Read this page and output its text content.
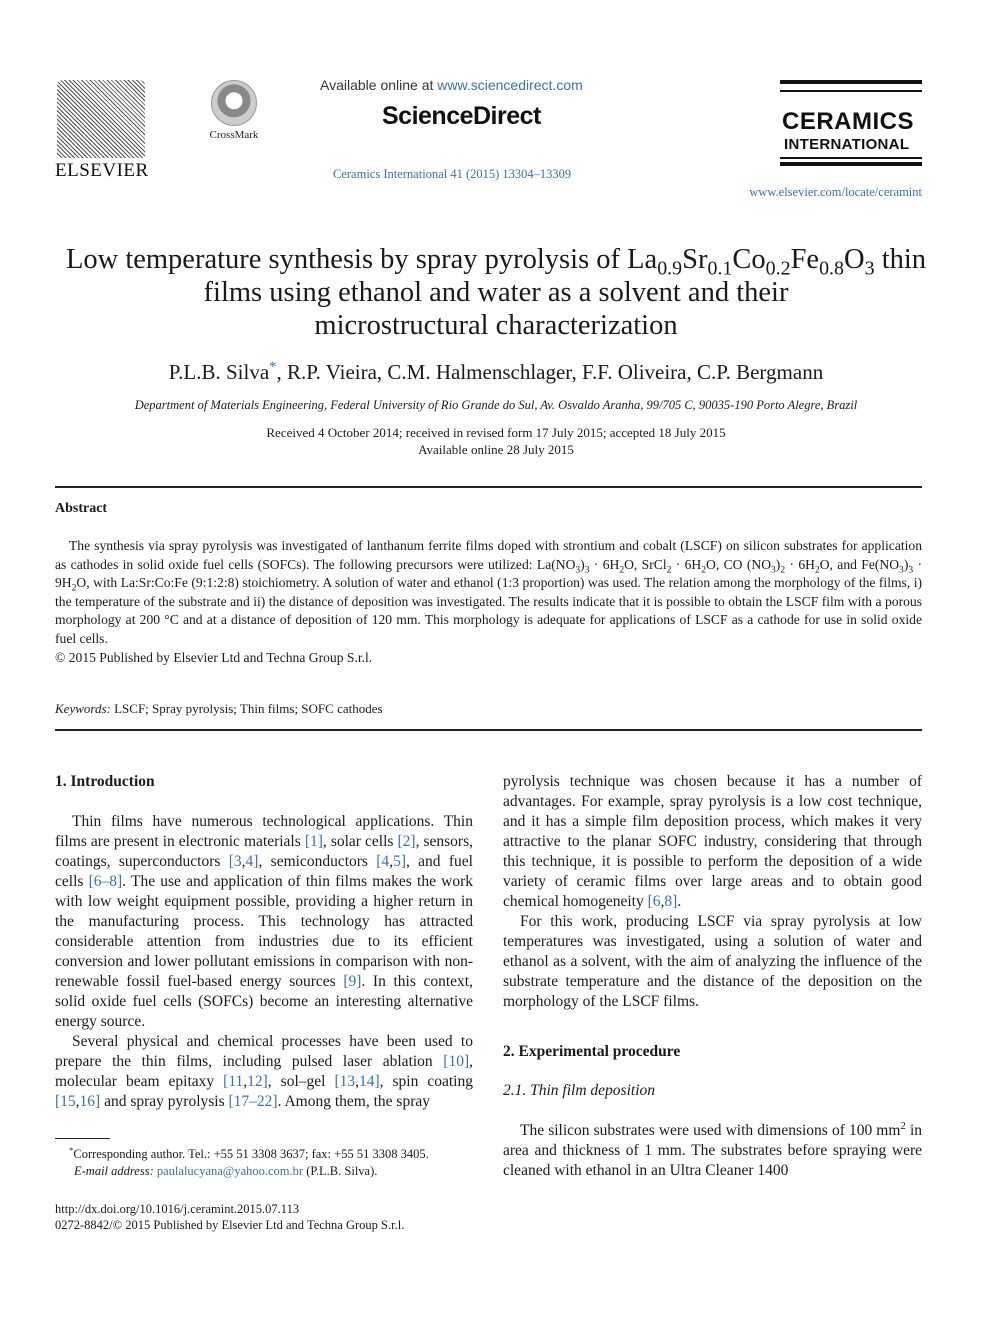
ELSEVIER
CrossMark
Available online at www.sciencedirect.com
ScienceDirect
Ceramics International 41 (2015) 13304–13309
CERAMICS
INTERNATIONAL
www.elsevier.com/locate/ceramint
Low temperature synthesis by spray pyrolysis of $La_{0.9}Sr_{0.1}Co_{0.2}Fe_{0.8}O_3$ thin
films using ethanol and water as a solvent and their
microstructural characterization
P.L.B. Silva*, R.P. Vieira, C.M. Halmenschlager, F.F. Oliveira, C.P. Bergmann
Department of Materials Engineering, Federal University of Rio Grande do Sul, Av. Osvaldo Aranha, 99/705 C, 90035-190 Porto Alegre, Brazil
Received 4 October 2014; received in revised form 17 July 2015; accepted 18 July 2015
Available online 28 July 2015
Abstract

The synthesis via spray pyrolysis was investigated of lanthanum ferrite films doped with strontium and cobalt (LSCF) on silicon substrates for application as cathodes in solid oxide fuel cells (SOFCs). The following precursors were utilized: $La(NO_3)_3 \cdot 6H_2O$, SrCl$_2$ · $6H_2O$, CO $(NO_3)_2 \cdot 6H_2O$, and $Fe(NO_3)_3 \cdot 9H_2O$, with La:Sr:Co:Fe (9:1:2:8) stoichiometry. A solution of water and ethanol (1:3 proportion) was used. The relation among the morphology of the films, i) the temperature of the substrate and ii) the distance of deposition was investigated. The results indicate that it is possible to obtain the LSCF film with a porous morphology at 200 °C and at a distance of deposition of 120 mm. This morphology is adequate for applications of LSCF as a cathode for use in solid oxide fuel cells.

© 2015 Published by Elsevier Ltd and Techna Group S.r.l.
Keywords: LSCF; Spray pyrolysis; Thin films; SOFC cathodes
1. Introduction

Thin films have numerous technological applications. Thin films are present in electronic materials [1], solar cells [2], sensors, coatings, superconductors [3,4], semiconductors [4,5], and fuel cells [6–8]. The use and application of thin films makes the work with low weight equipment possible, providing a higher return in the manufacturing process. This technology has attracted considerable attention from industries due to its efficient conversion and lower pollutant emissions in comparison with non-renewable fossil fuel-based energy sources [9]. In this context, solid oxide fuel cells (SOFCs) become an interesting alternative energy source.

Several physical and chemical processes have been used to prepare the thin films, including pulsed laser ablation [10], molecular beam epitaxy [11,12], sol–gel [13,14], spin coating [15,16] and spray pyrolysis [17–22]. Among them, the spray

pyrolysis technique was chosen because it has a number of advantages. For example, spray pyrolysis is a low cost technique, and it has a simple film deposition process, which makes it very attractive to the planar SOFC industry, considering that through this technique, it is possible to perform the deposition of a wide variety of ceramic films over large areas and to obtain good chemical homogeneity [6,8].

For this work, producing LSCF via spray pyrolysis at low temperatures was investigated, using a solution of water and ethanol as a solvent, with the aim of analyzing the influence of the substrate temperature and the distance of the deposition on the morphology of the LSCF films.

2. Experimental procedure
2.1. Thin film deposition

The silicon substrates were used with dimensions of 100 $mm^2$ in area and thickness of 1 mm. The substrates before spraying were cleaned with ethanol in an Ultra Cleaner 1400

*Corresponding author. Tel.: +55 51 3308 3637; fax: +55 51 3308 3405.
E-mail address: paulalucyana@yahoo.com.br (P.L.B. Silva).
http://dx.doi.org/10.1016/j.ceramint.2015.07.113
0272-8842/© 2015 Published by Elsevier Ltd and Techna Group S.r.l.
